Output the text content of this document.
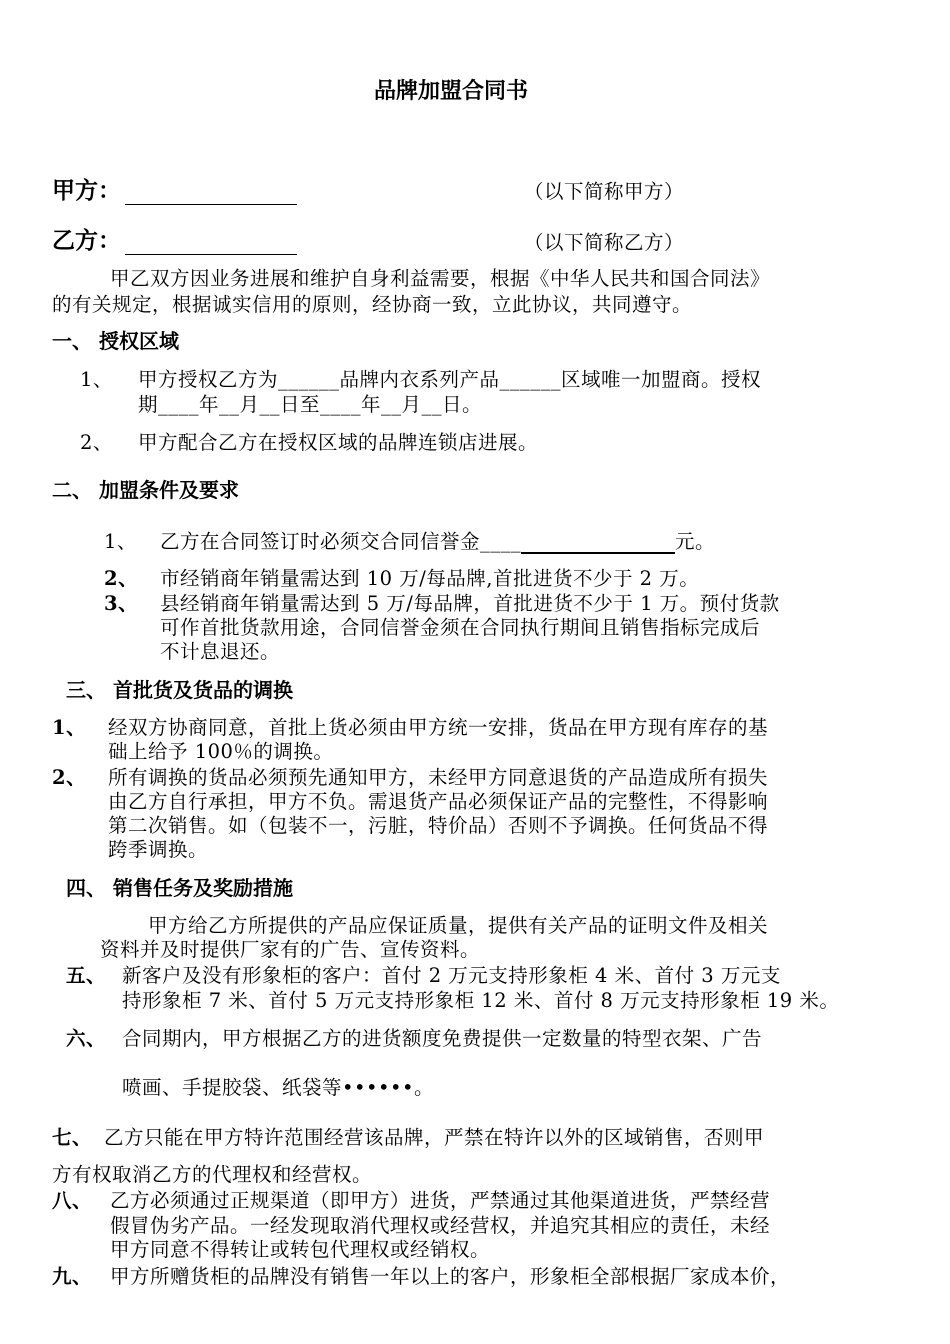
品牌加盟合同书
甲方：	（以下简称甲方）
乙方：	（以下简称乙方）
甲乙双方因业务进展和维护自身利益需要，根据《中华人民共和国合同法》
的有关规定，根据诚实信用的原则，经协商一致，立此协议，共同遵守。
一、 授权区域
1、 甲方授权乙方为______品牌内衣系列产品______区域唯一加盟商。授权
期____年__月__日至____年__月__日。
2、 甲方配合乙方在授权区域的品牌连锁店进展。
二、 加盟条件及要求
1、 乙方在合同签订时必须交合同信誉金____	元。
2、 市经销商年销量需达到 10 万/每品牌,首批进货不少于 2 万。
3、 县经销商年销量需达到 5 万/每品牌，首批进货不少于 1 万。预付货款
可作首批货款用途，合同信誉金须在合同执行期间且销售指标完成后
不计息退还。
三、 首批货及货品的调换
1、 经双方协商同意，首批上货必须由甲方统一安排，货品在甲方现有库存的基
础上给予 100％的调换。
2、 所有调换的货品必须预先通知甲方，未经甲方同意退货的产品造成所有损失
由乙方自行承担，甲方不负。需退货产品必须保证产品的完整性，不得影响
第二次销售。如（包装不一，污脏，特价品）否则不予调换。任何货品不得
跨季调换。
四、 销售任务及奖励措施
甲方给乙方所提供的产品应保证质量，提供有关产品的证明文件及相关
资料并及时提供厂家有的广告、宣传资料。
五、 新客户及没有形象柜的客户：首付 2 万元支持形象柜 4 米、首付 3 万元支
持形象柜 7 米、首付 5 万元支持形象柜 12 米、首付 8 万元支持形象柜 19 米。
六、 合同期内，甲方根据乙方的进货额度免费提供一定数量的特型衣架、广告
喷画、手提胶袋、纸袋等••••••。
七、 乙方只能在甲方特许范围经营该品牌，严禁在特许以外的区域销售，否则甲
方有权取消乙方的代理权和经营权。
八、 乙方必须通过正规渠道（即甲方）进货，严禁通过其他渠道进货，严禁经营
假冒伪劣产品。一经发现取消代理权或经营权，并追究其相应的责任，未经
甲方同意不得转让或转包代理权或经销权。
九、 甲方所赠货柜的品牌没有销售一年以上的客户，形象柜全部根据厂家成本价，
